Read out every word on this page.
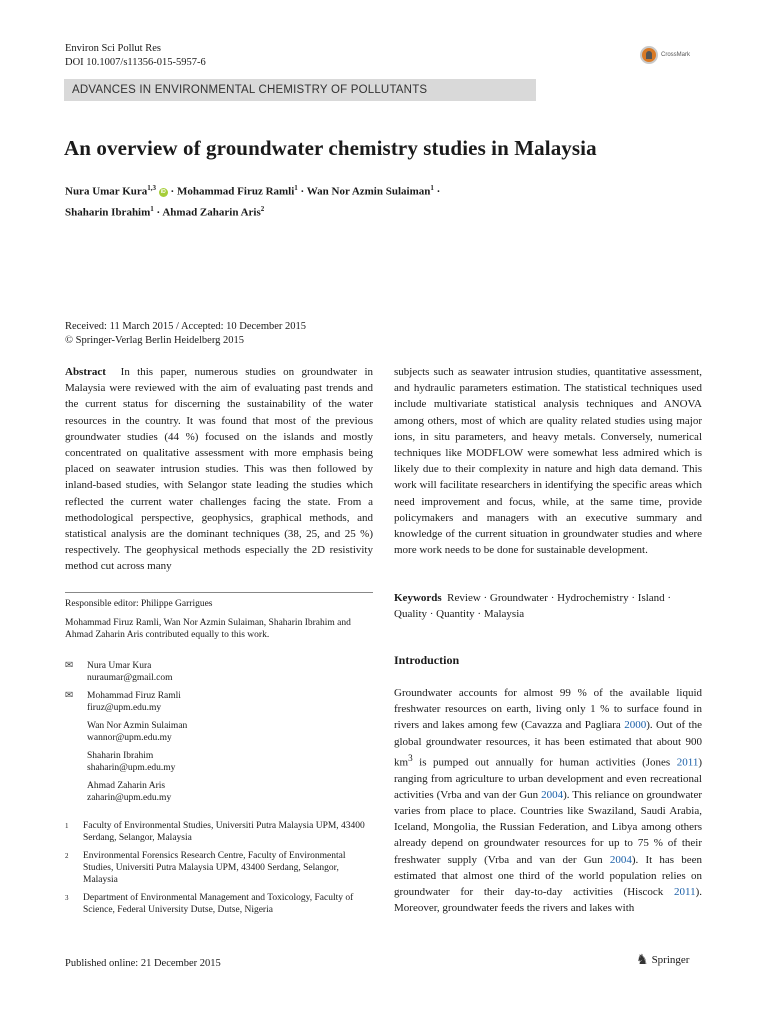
Environ Sci Pollut Res
DOI 10.1007/s11356-015-5957-6
CrossMark
ADVANCES IN ENVIRONMENTAL CHEMISTRY OF POLLUTANTS
An overview of groundwater chemistry studies in Malaysia
Nura Umar Kura$^{1,3}$ iD · Mohammad Firuz Ramli$^1$ · Wan Nor Azmin Sulaiman$^1$ ·
Shaharin Ibrahim$^1$ · Ahmad Zaharin Aris$^2$
Received: 11 March 2015 / Accepted: 10 December 2015
© Springer-Verlag Berlin Heidelberg 2015

Abstract In this paper, numerous studies on groundwater in Malaysia were reviewed with the aim of evaluating past trends and the current status for discerning the sustainability of the water resources in the country. It was found that most of the previous groundwater studies (44 %) focused on the islands and mostly concentrated on qualitative assessment with more emphasis being placed on seawater intrusion studies. This was then followed by inland-based studies, with Selangor state leading the studies which reflected the current water challenges facing the state. From a methodological perspective, geophysics, graphical methods, and statistical analysis are the dominant techniques (38, 25, and 25 %) respectively. The geophysical methods especially the 2D resistivity method cut across many

subjects such as seawater intrusion studies, quantitative assessment, and hydraulic parameters estimation. The statistical techniques used include multivariate statistical analysis techniques and ANOVA among others, most of which are quality related studies using major ions, in situ parameters, and heavy metals. Conversely, numerical techniques like MODFLOW were somewhat less admired which is likely due to their complexity in nature and high data demand. This work will facilitate researchers in identifying the specific areas which need improvement and focus, while, at the same time, provide policymakers and managers with an executive summary and knowledge of the current situation in groundwater studies and where more work needs to be done for sustainable development.

Keywords Review · Groundwater · Hydrochemistry · Island · Quality · Quantity · Malaysia

Responsible editor: Philippe Garrigues

Mohammad Firuz Ramli, Wan Nor Azmin Sulaiman, Shaharin Ibrahim and Ahmad Zaharin Aris contributed equally to this work.

✉	Nura Umar Kura
nuraumar@gmail.com
✉	Mohammad Firuz Ramli
firuz@upm.edu.my
Wan Nor Azmin Sulaiman
wannor@upm.edu.my
Shaharin Ibrahim
shaharin@upm.edu.my
Ahmad Zaharin Aris
zaharin@upm.edu.my
1	Faculty of Environmental Studies, Universiti Putra Malaysia UPM, 43400 Serdang, Selangor, Malaysia
2	Environmental Forensics Research Centre, Faculty of Environmental Studies, Universiti Putra Malaysia UPM, 43400 Serdang, Selangor, Malaysia
3	Department of Environmental Management and Toxicology, Faculty of Science, Federal University Dutse, Dutse, Nigeria
Introduction

Groundwater accounts for almost 99 % of the available liquid freshwater resources on earth, living only 1 % to surface found in rivers and lakes among few (Cavazza and Pagliara 2000). Out of the global groundwater resources, it has been estimated that about 900 $km^3$ is pumped out annually for human activities (Jones 2011) ranging from agriculture to urban development and even recreational activities (Vrba and van der Gun 2004). This reliance on groundwater varies from place to place. Countries like Swaziland, Saudi Arabia, Iceland, Mongolia, the Russian Federation, and Libya among others already depend on groundwater resources for up to 75 % of their freshwater supply (Vrba and van der Gun 2004). It has been estimated that almost one third of the world population relies on groundwater for their day-to-day activities (Hiscock 2011). Moreover, groundwater feeds the rivers and lakes with

Published online: 21 December 2015	♞ Springer
